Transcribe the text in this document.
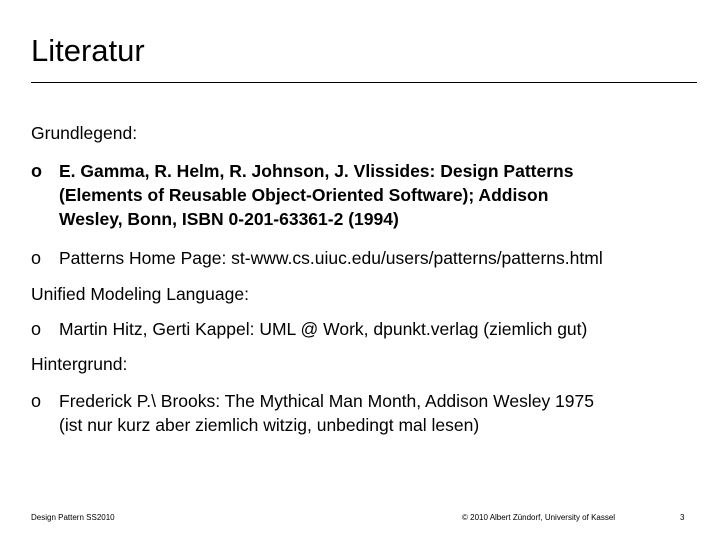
Literatur
Grundlegend:
o E. Gamma, R. Helm, R. Johnson, J. Vlissides: Design Patterns
(Elements of Reusable Object-Oriented Software); Addison
Wesley, Bonn, ISBN 0-201-63361-2 (1994)
o	Patterns Home Page: st-www.cs.uiuc.edu/users/patterns/patterns.html
Unified Modeling Language:
o	Martin Hitz, Gerti Kappel: UML @ Work, dpunkt.verlag (ziemlich gut)
Hintergrund:
o	Frederick P.\ Brooks: The Mythical Man Month, Addison Wesley 1975
(ist nur kurz aber ziemlich witzig, unbedingt mal lesen)
Design Pattern SS2010	© 2010 Albert Zündorf, University of Kassel	3
